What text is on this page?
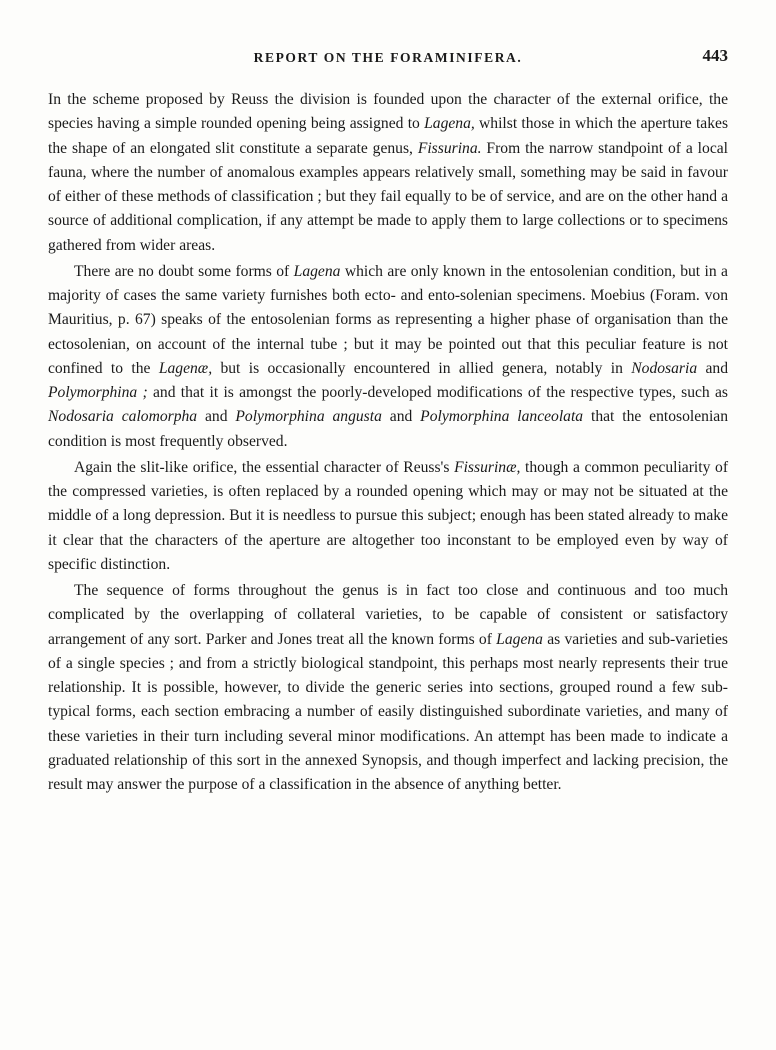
REPORT ON THE FORAMINIFERA.	443

In the scheme proposed by Reuss the division is founded upon the character of the external orifice, the species having a simple rounded opening being assigned to Lagena, whilst those in which the aperture takes the shape of an elongated slit constitute a separate genus, Fissurina. From the narrow standpoint of a local fauna, where the number of anomalous examples appears relatively small, something may be said in favour of either of these methods of classification ; but they fail equally to be of service, and are on the other hand a source of additional complication, if any attempt be made to apply them to large collections or to specimens gathered from wider areas.

There are no doubt some forms of Lagena which are only known in the entosolenian condition, but in a majority of cases the same variety furnishes both ecto- and ento-solenian specimens. Moebius (Foram. von Mauritius, p. 67) speaks of the entosolenian forms as representing a higher phase of organisation than the ectosolenian, on account of the internal tube ; but it may be pointed out that this peculiar feature is not confined to the Lagenæ, but is occasionally encountered in allied genera, notably in Nodosaria and Polymorphina ; and that it is amongst the poorly-developed modifications of the respective types, such as Nodosaria calomorpha and Polymorphina angusta and Polymorphina lanceolata that the entosolenian condition is most frequently observed.

Again the slit-like orifice, the essential character of Reuss's Fissurinæ, though a common peculiarity of the compressed varieties, is often replaced by a rounded opening which may or may not be situated at the middle of a long depression. But it is needless to pursue this subject; enough has been stated already to make it clear that the characters of the aperture are altogether too inconstant to be employed even by way of specific distinction.

The sequence of forms throughout the genus is in fact too close and continuous and too much complicated by the overlapping of collateral varieties, to be capable of consistent or satisfactory arrangement of any sort. Parker and Jones treat all the known forms of Lagena as varieties and sub-varieties of a single species ; and from a strictly biological standpoint, this perhaps most nearly represents their true relationship. It is possible, however, to divide the generic series into sections, grouped round a few sub-typical forms, each section embracing a number of easily distinguished subordinate varieties, and many of these varieties in their turn including several minor modifications. An attempt has been made to indicate a graduated relationship of this sort in the annexed Synopsis, and though imperfect and lacking precision, the result may answer the purpose of a classification in the absence of anything better.
